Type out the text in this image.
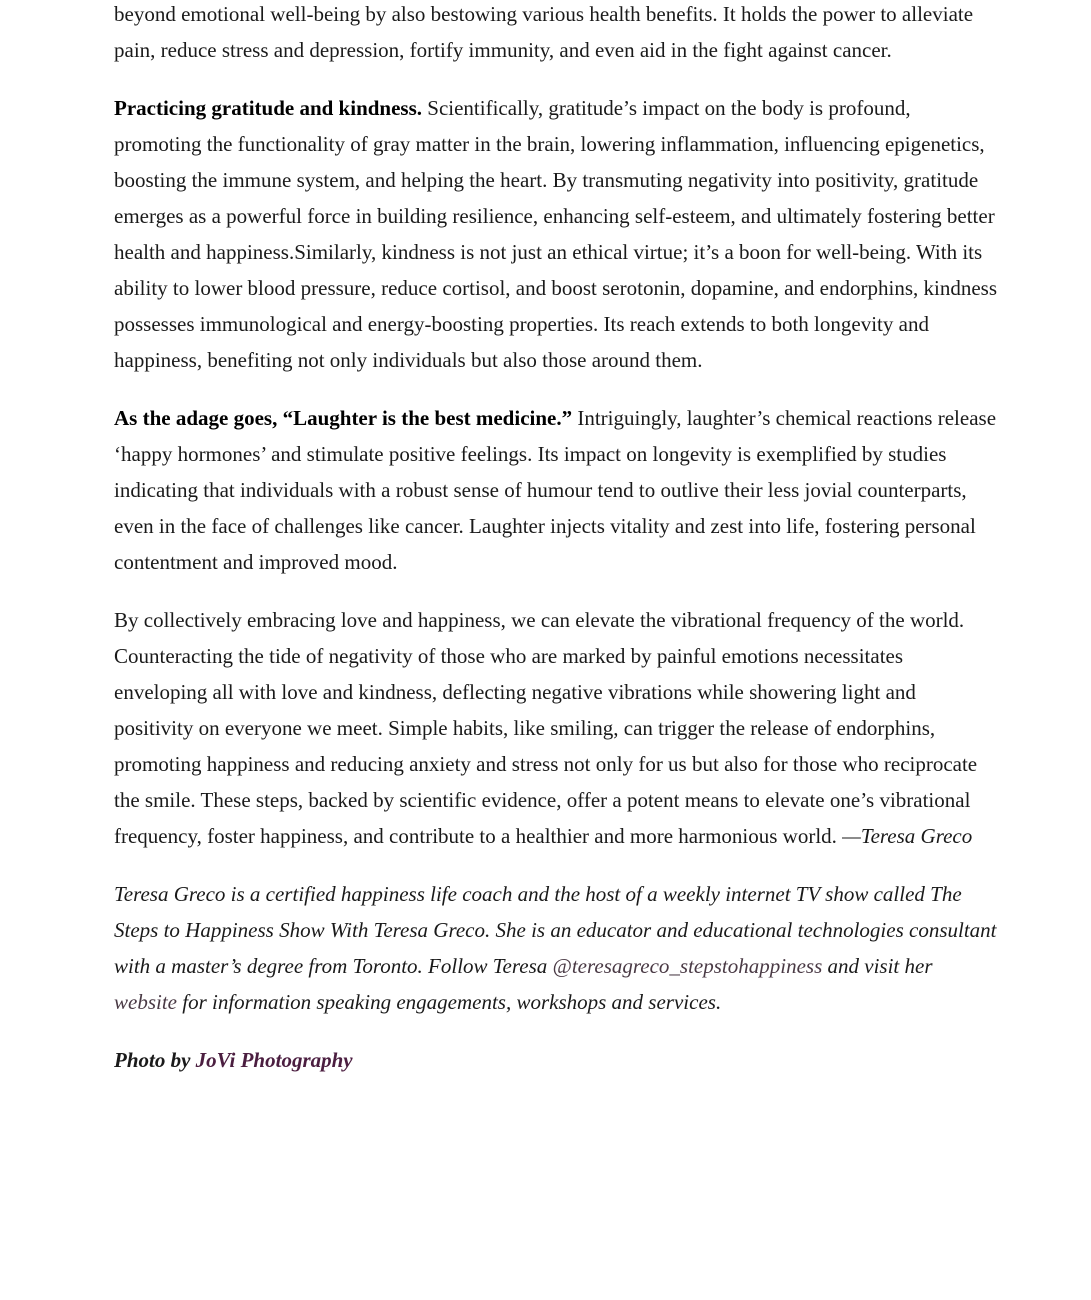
beyond emotional well-being by also bestowing various health benefits. It holds the power to alleviate pain, reduce stress and depression, fortify immunity, and even aid in the fight against cancer.

Practicing gratitude and kindness. Scientifically, gratitude’s impact on the body is profound, promoting the functionality of gray matter in the brain, lowering inflammation, influencing epigenetics, boosting the immune system, and helping the heart. By transmuting negativity into positivity, gratitude emerges as a powerful force in building resilience, enhancing self-esteem, and ultimately fostering better health and happiness.Similarly, kindness is not just an ethical virtue; it’s a boon for well-being. With its ability to lower blood pressure, reduce cortisol, and boost serotonin, dopamine, and endorphins, kindness possesses immunological and energy-boosting properties. Its reach extends to both longevity and happiness, benefiting not only individuals but also those around them.

As the adage goes, “Laughter is the best medicine.” Intriguingly, laughter’s chemical reactions release ‘happy hormones’ and stimulate positive feelings. Its impact on longevity is exemplified by studies indicating that individuals with a robust sense of humour tend to outlive their less jovial counterparts, even in the face of challenges like cancer. Laughter injects vitality and zest into life, fostering personal contentment and improved mood.

By collectively embracing love and happiness, we can elevate the vibrational frequency of the world. Counteracting the tide of negativity of those who are marked by painful emotions necessitates enveloping all with love and kindness, deflecting negative vibrations while showering light and positivity on everyone we meet. Simple habits, like smiling, can trigger the release of endorphins, promoting happiness and reducing anxiety and stress not only for us but also for those who reciprocate the smile. These steps, backed by scientific evidence, offer a potent means to elevate one’s vibrational frequency, foster happiness, and contribute to a healthier and more harmonious world. —Teresa Greco

Teresa Greco is a certified happiness life coach and the host of a weekly internet TV show called The Steps to Happiness Show With Teresa Greco. She is an educator and educational technologies consultant with a master’s degree from Toronto. Follow Teresa @teresagreco_stepstohappiness and visit her website for information speaking engagements, workshops and services.

Photo by JoVi Photography
